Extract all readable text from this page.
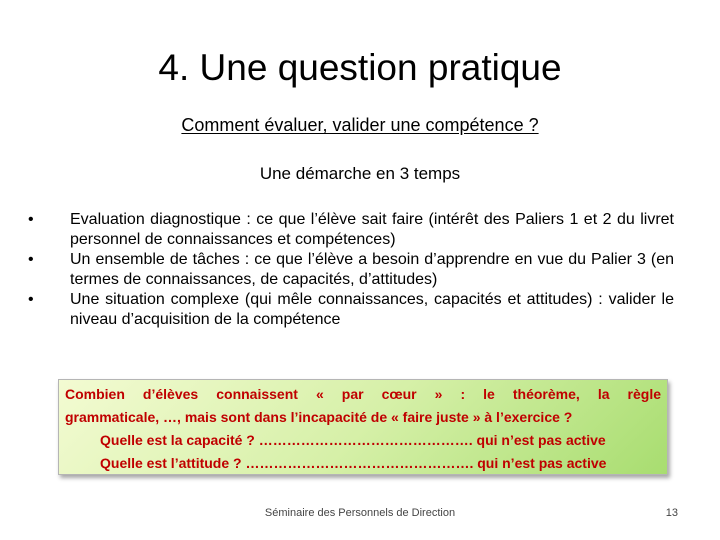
4. Une question pratique
Comment évaluer, valider une compétence ?
Une démarche en 3 temps
•	Evaluation diagnostique : ce que l’élève sait faire (intérêt des Paliers 1 et 2 du livret personnel de connaissances et compétences)
•	Un ensemble de tâches : ce que l’élève a besoin d’apprendre en vue du Palier 3 (en termes de connaissances, de capacités, d’attitudes)
•	Une situation complexe (qui mêle connaissances, capacités et attitudes) : valider le niveau d’acquisition de la compétence
Combien d’élèves connaissent « par cœur » : le théorème, la règle
grammaticale, …, mais sont dans l’incapacité de « faire juste » à l’exercice ?
Quelle est la capacité ? ………………………………………. qui n’est pas active
Quelle est l’attitude ? …………………………………………. qui n’est pas active
Séminaire des Personnels de Direction	13
